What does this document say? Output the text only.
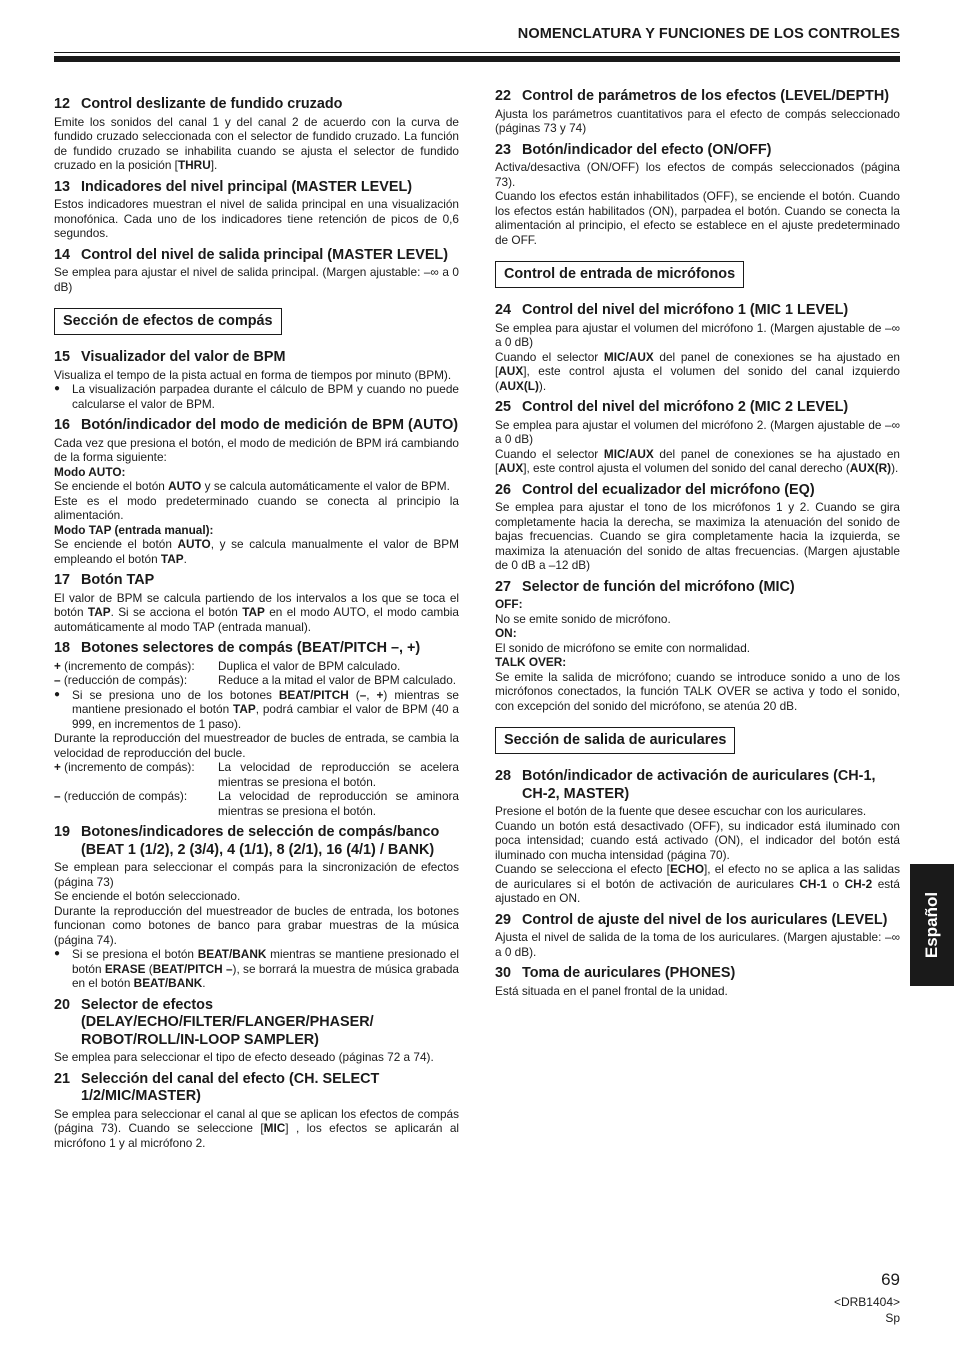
NOMENCLATURA Y FUNCIONES DE LOS CONTROLES
12 Control deslizante de fundido cruzado

Emite los sonidos del canal 1 y del canal 2 de acuerdo con la curva de fundido cruzado seleccionada con el selector de fundido cruzado. La función de fundido cruzado se inhabilita cuando se ajusta el selector de fundido cruzado en la posición [THRU].

13 Indicadores del nivel principal (MASTER LEVEL)

Estos indicadores muestran el nivel de salida principal en una visualización monofónica. Cada uno de los indicadores tiene retención de picos de 0,6 segundos.

14 Control del nivel de salida principal (MASTER LEVEL)

Se emplea para ajustar el nivel de salida principal. (Margen ajustable: –∞ a 0 dB)

Sección de efectos de compás
15 Visualizador del valor de BPM

Visualiza el tempo de la pista actual en forma de tiempos por minuto (BPM).

●	La visualización parpadea durante el cálculo de BPM y cuando no puede calcularse el valor de BPM.
16 Botón/indicador del modo de medición de BPM (AUTO)

Cada vez que presiona el botón, el modo de medición de BPM irá cambiando de la forma siguiente:

Modo AUTO:

Se enciende el botón AUTO y se calcula automáticamente el valor de BPM.

Este es el modo predeterminado cuando se conecta al principio la alimentación.

Modo TAP (entrada manual):

Se enciende el botón AUTO, y se calcula manualmente el valor de BPM empleando el botón TAP.

17 Botón TAP

El valor de BPM se calcula partiendo de los intervalos a los que se toca el botón TAP. Si se acciona el botón TAP en el modo AUTO, el modo cambia automáticamente al modo TAP (entrada manual).

18 Botones selectores de compás (BEAT/PITCH –, +)
+ (incremento de compás):	Duplica el valor de BPM calculado.
– (reducción de compás):	Reduce a la mitad el valor de BPM calculado.
●	Si se presiona uno de los botones BEAT/PITCH (–, +) mientras se mantiene presionado el botón TAP, podrá cambiar el valor de BPM (40 a 999, en incrementos de 1 paso).

Durante la reproducción del muestreador de bucles de entrada, se cambia la velocidad de reproducción del bucle.

+ (incremento de compás):	La velocidad de reproducción se acelera mientras se presiona el botón.
– (reducción de compás):	La velocidad de reproducción se aminora mientras se presiona el botón.
19 Botones/indicadores de selección de compás/banco (BEAT 1 (1/2), 2 (3/4), 4 (1/1), 8 (2/1), 16 (4/1) / BANK)

Se emplean para seleccionar el compás para la sincronización de efectos (página 73)

Se enciende el botón seleccionado.

Durante la reproducción del muestreador de bucles de entrada, los botones funcionan como botones de banco para grabar muestras de la música (página 74).

●	Si se presiona el botón BEAT/BANK mientras se mantiene presionado el botón ERASE (BEAT/PITCH –), se borrará la muestra de música grabada en el botón BEAT/BANK.
20 Selector de efectos (DELAY/ECHO/FILTER/FLANGER/PHASER/ ROBOT/ROLL/IN-LOOP SAMPLER)

Se emplea para seleccionar el tipo de efecto deseado (páginas 72 a 74).

21 Selección del canal del efecto (CH. SELECT 1/2/MIC/MASTER)

Se emplea para seleccionar el canal al que se aplican los efectos de compás (página 73). Cuando se seleccione [MIC] , los efectos se aplicarán al micrófono 1 y al micrófono 2.

22 Control de parámetros de los efectos (LEVEL/DEPTH)

Ajusta los parámetros cuantitativos para el efecto de compás seleccionado (páginas 73 y 74)

23 Botón/indicador del efecto (ON/OFF)

Activa/desactiva (ON/OFF) los efectos de compás seleccionados (página 73).

Cuando los efectos están inhabilitados (OFF), se enciende el botón. Cuando los efectos están habilitados (ON), parpadea el botón. Cuando se conecta la alimentación al principio, el efecto se establece en el ajuste predeterminado de OFF.

Control de entrada de micrófonos
24 Control del nivel del micrófono 1 (MIC 1 LEVEL)

Se emplea para ajustar el volumen del micrófono 1. (Margen ajustable de –∞ a 0 dB)

Cuando el selector MIC/AUX del panel de conexiones se ha ajustado en [AUX], este control ajusta el volumen del sonido del canal izquierdo (AUX(L)).

25 Control del nivel del micrófono 2 (MIC 2 LEVEL)

Se emplea para ajustar el volumen del micrófono 2. (Margen ajustable de –∞ a 0 dB)

Cuando el selector MIC/AUX del panel de conexiones se ha ajustado en [AUX], este control ajusta el volumen del sonido del canal derecho (AUX(R)).

26 Control del ecualizador del micrófono (EQ)

Se emplea para ajustar el tono de los micrófonos 1 y 2. Cuando se gira completamente hacia la derecha, se maximiza la atenuación del sonido de bajas frecuencias. Cuando se gira completamente hacia la izquierda, se maximiza la atenuación del sonido de altas frecuencias. (Margen ajustable de 0 dB a –12 dB)

27 Selector de función del micrófono (MIC)

OFF:

No se emite sonido de micrófono.

ON:

El sonido de micrófono se emite con normalidad.

TALK OVER:

Se emite la salida de micrófono; cuando se introduce sonido a uno de los micrófonos conectados, la función TALK OVER se activa y todo el sonido, con excepción del sonido del micrófono, se atenúa 20 dB.

Sección de salida de auriculares
28 Botón/indicador de activación de auriculares (CH-1, CH-2, MASTER)

Presione el botón de la fuente que desee escuchar con los auriculares.

Cuando un botón está desactivado (OFF), su indicador está iluminado con poca intensidad; cuando está activado (ON), el indicador del botón está iluminado con mucha intensidad (página 70).

Cuando se selecciona el efecto [ECHO], el efecto no se aplica a las salidas de auriculares si el botón de activación de auriculares CH-1 o CH-2 está ajustado en ON.

29 Control de ajuste del nivel de los auriculares (LEVEL)

Ajusta el nivel de salida de la toma de los auriculares. (Margen ajustable: –∞ a 0 dB).

30 Toma de auriculares (PHONES)

Está situada en el panel frontal de la unidad.

Español
69
<DRB1404>
Sp
